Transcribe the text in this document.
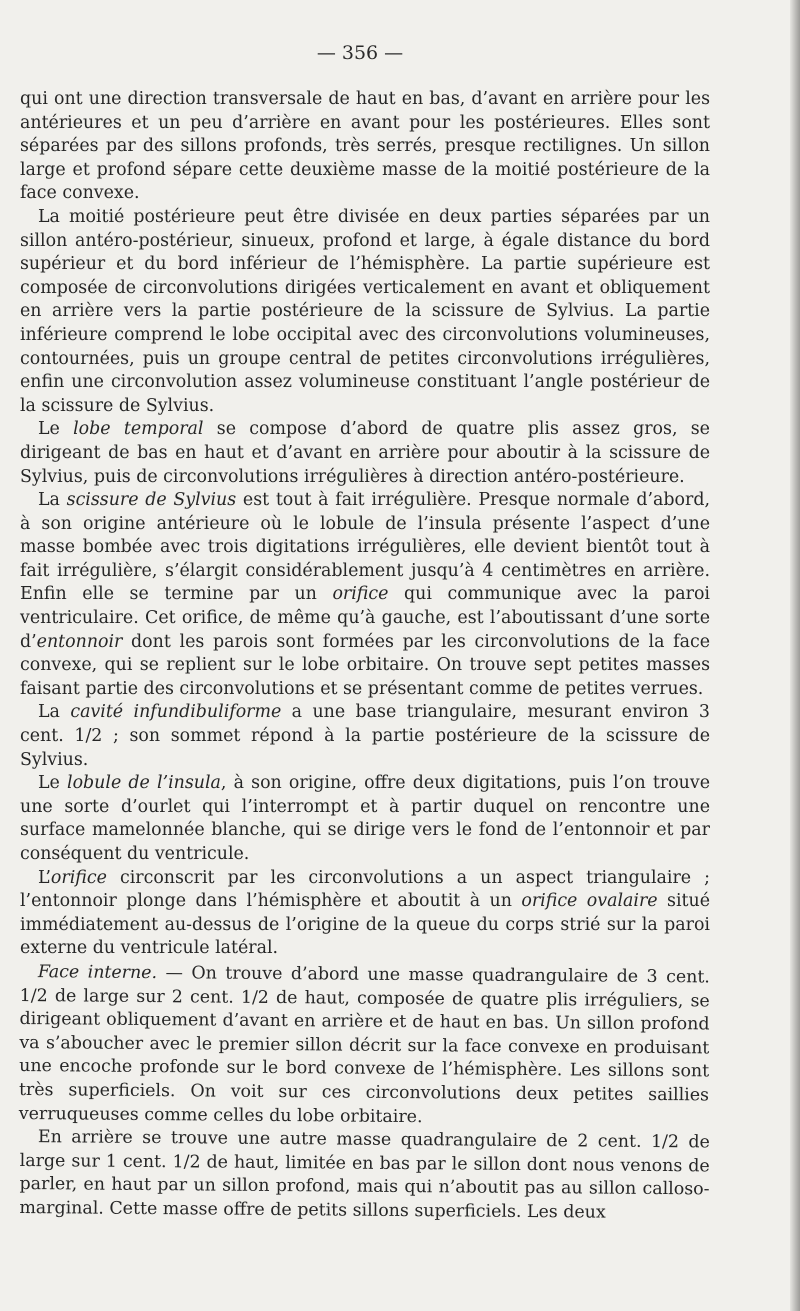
— 356 —

qui ont une direction transversale de haut en bas, d’avant en arrière pour les antérieures et un peu d’arrière en avant pour les postérieures. Elles sont séparées par des sillons profonds, très serrés, presque rectilignes. Un sillon large et profond sépare cette deuxième masse de la moitié postérieure de la face convexe.

La moitié postérieure peut être divisée en deux parties séparées par un sillon antéro-postérieur, sinueux, profond et large, à égale distance du bord supérieur et du bord inférieur de l’hémisphère. La partie supérieure est composée de circonvolutions dirigées verticalement en avant et obliquement en arrière vers la partie postérieure de la scissure de Sylvius. La partie inférieure comprend le lobe occipital avec des circonvolutions volumineuses, contournées, puis un groupe central de petites circonvolutions irrégulières, enfin une circonvolution assez volumineuse constituant l’angle postérieur de la scissure de Sylvius.

Le lobe temporal se compose d’abord de quatre plis assez gros, se dirigeant de bas en haut et d’avant en arrière pour aboutir à la scissure de Sylvius, puis de circonvolutions irrégulières à direction antéro-postérieure.

La scissure de Sylvius est tout à fait irrégulière. Presque normale d’abord, à son origine antérieure où le lobule de l’insula présente l’aspect d’une masse bombée avec trois digitations irrégulières, elle devient bientôt tout à fait irrégulière, s’élargit considérablement jusqu’à 4 centimètres en arrière. Enfin elle se termine par un orifice qui communique avec la paroi ventriculaire. Cet orifice, de même qu’à gauche, est l’aboutissant d’une sorte d’entonnoir dont les parois sont formées par les circonvolutions de la face convexe, qui se replient sur le lobe orbitaire. On trouve sept petites masses faisant partie des circonvolutions et se présentant comme de petites verrues.

La cavité infundibuliforme a une base triangulaire, mesurant environ 3 cent. 1/2 ; son sommet répond à la partie postérieure de la scissure de Sylvius.

Le lobule de l’insula, à son origine, offre deux digitations, puis l’on trouve une sorte d’ourlet qui l’interrompt et à partir duquel on rencontre une surface mamelonnée blanche, qui se dirige vers le fond de l’entonnoir et par conséquent du ventricule.

L’orifice circonscrit par les circonvolutions a un aspect triangulaire ; l’entonnoir plonge dans l’hémisphère et aboutit à un orifice ovalaire situé immédiatement au-dessus de l’origine de la queue du corps strié sur la paroi externe du ventricule latéral.

Face interne. — On trouve d’abord une masse quadrangulaire de 3 cent. 1/2 de large sur 2 cent. 1/2 de haut, composée de quatre plis irréguliers, se dirigeant obliquement d’avant en arrière et de haut en bas. Un sillon profond va s’aboucher avec le premier sillon décrit sur la face convexe en produisant une encoche profonde sur le bord convexe de l’hémisphère. Les sillons sont très superficiels. On voit sur ces circonvolutions deux petites saillies verruqueuses comme celles du lobe orbitaire.

En arrière se trouve une autre masse quadrangulaire de 2 cent. 1/2 de large sur 1 cent. 1/2 de haut, limitée en bas par le sillon dont nous venons de parler, en haut par un sillon profond, mais qui n’aboutit pas au sillon calloso-marginal. Cette masse offre de petits sillons superficiels. Les deux
